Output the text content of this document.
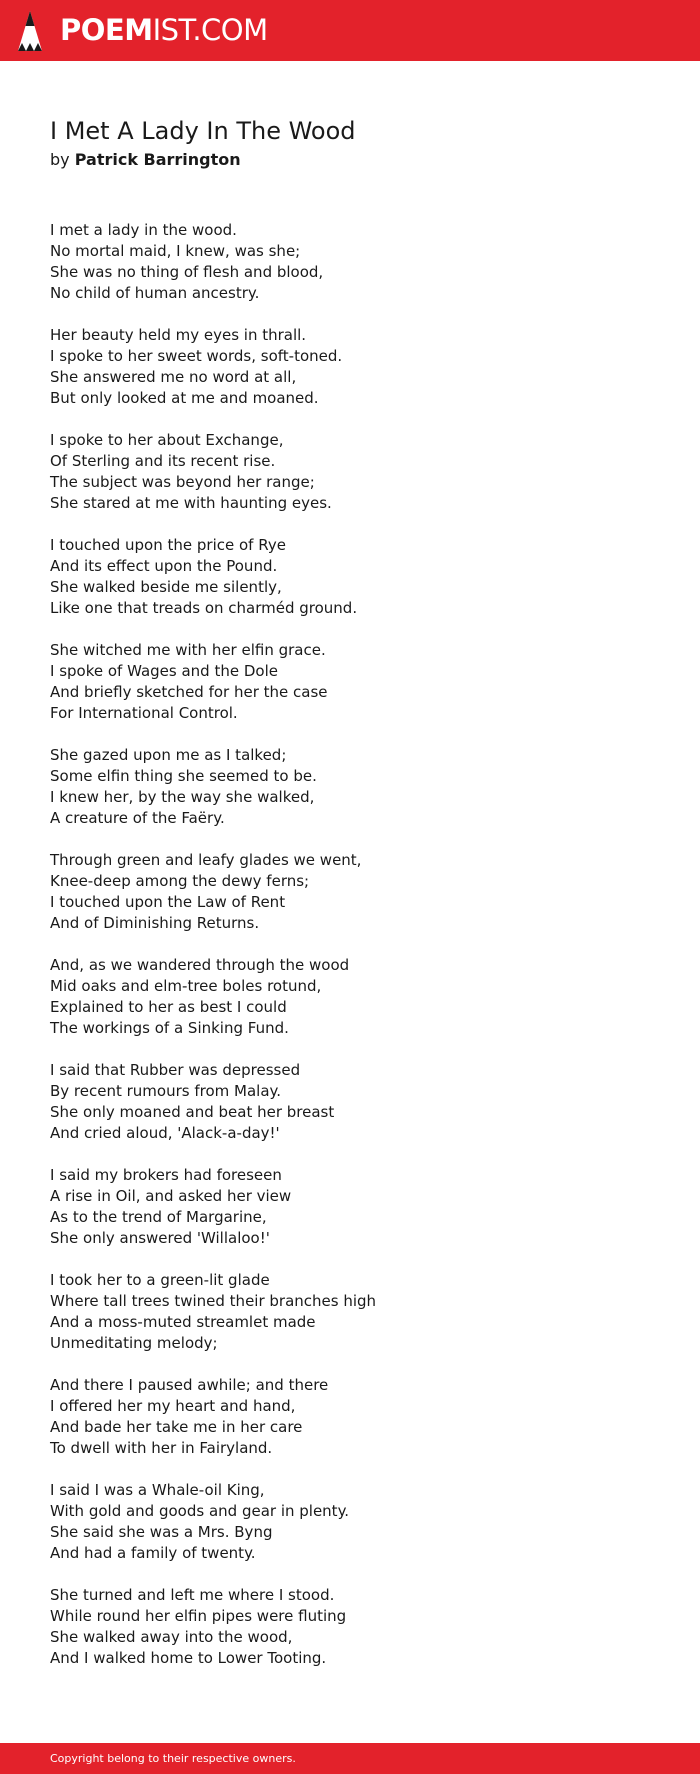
POEMIST.COM
I Met A Lady In The Wood
by Patrick Barrington
I met a lady in the wood.
No mortal maid, I knew, was she;
She was no thing of flesh and blood,
No child of human ancestry.
Her beauty held my eyes in thrall.
I spoke to her sweet words, soft-toned.
She answered me no word at all,
But only looked at me and moaned.
I spoke to her about Exchange,
Of Sterling and its recent rise.
The subject was beyond her range;
She stared at me with haunting eyes.
I touched upon the price of Rye
And its effect upon the Pound.
She walked beside me silently,
Like one that treads on charméd ground.
She witched me with her elfin grace.
I spoke of Wages and the Dole
And briefly sketched for her the case
For International Control.
She gazed upon me as I talked;
Some elfin thing she seemed to be.
I knew her, by the way she walked,
A creature of the Faëry.
Through green and leafy glades we went,
Knee-deep among the dewy ferns;
I touched upon the Law of Rent
And of Diminishing Returns.
And, as we wandered through the wood
Mid oaks and elm-tree boles rotund,
Explained to her as best I could
The workings of a Sinking Fund.
I said that Rubber was depressed
By recent rumours from Malay.
She only moaned and beat her breast
And cried aloud, 'Alack-a-day!'
I said my brokers had foreseen
A rise in Oil, and asked her view
As to the trend of Margarine,
She only answered 'Willaloo!'
I took her to a green-lit glade
Where tall trees twined their branches high
And a moss-muted streamlet made
Unmeditating melody;
And there I paused awhile; and there
I offered her my heart and hand,
And bade her take me in her care
To dwell with her in Fairyland.
I said I was a Whale-oil King,
With gold and goods and gear in plenty.
She said she was a Mrs. Byng
And had a family of twenty.
She turned and left me where I stood.
While round her elfin pipes were fluting
She walked away into the wood,
And I walked home to Lower Tooting.
Copyright belong to their respective owners.
